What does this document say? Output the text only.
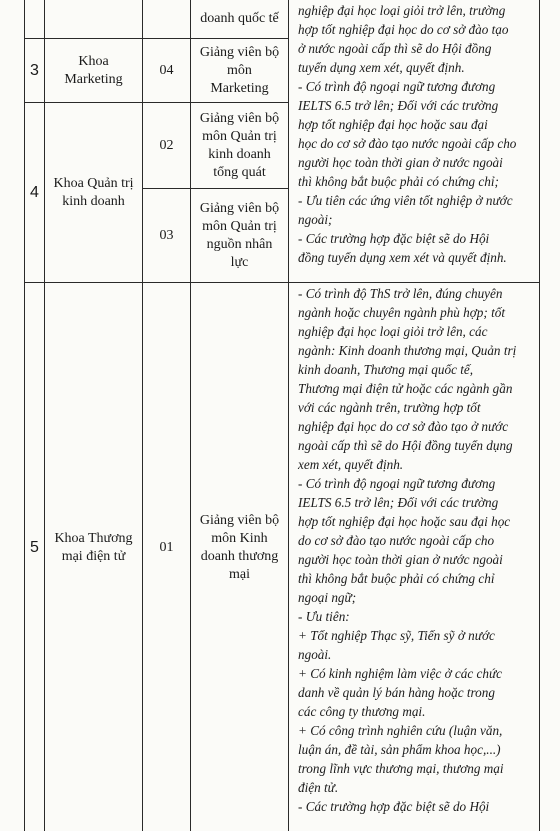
doanh quốc tế
3
Khoa
Marketing
04
Giảng viên bộ
môn
Marketing
4
Khoa Quản trị
kinh doanh
02
Giảng viên bộ
môn Quản trị
kinh doanh
tổng quát
03
Giảng viên bộ
môn Quản trị
nguồn nhân
lực
5
Khoa Thương
mại điện tử
01
Giảng viên bộ
môn Kinh
doanh thương
mại
nghiệp đại học loại giỏi trở lên, trường
hợp tốt nghiệp đại học do cơ sở đào tạo
ở nước ngoài cấp thì sẽ do Hội đồng
tuyển dụng xem xét, quyết định.
- Có trình độ ngoại ngữ tương đương
IELTS 6.5 trở lên; Đối với các trường
hợp tốt nghiệp đại học hoặc sau đại
học do cơ sở đào tạo nước ngoài cấp cho
người học toàn thời gian ở nước ngoài
thì không bắt buộc phải có chứng chỉ;
- Ưu tiên các ứng viên tốt nghiệp ở nước
ngoài;
- Các trường hợp đặc biệt sẽ do Hội
đồng tuyển dụng xem xét và quyết định.
- Có trình độ ThS trở lên, đúng chuyên
ngành hoặc chuyên ngành phù hợp; tốt
nghiệp đại học loại giỏi trở lên, các
ngành: Kinh doanh thương mại, Quản trị
kinh doanh, Thương mại quốc tế,
Thương mại điện tử hoặc các ngành gần
với các ngành trên, trường hợp tốt
nghiệp đại học do cơ sở đào tạo ở nước
ngoài cấp thì sẽ do Hội đồng tuyển dụng
xem xét, quyết định.
- Có trình độ ngoại ngữ tương đương
IELTS 6.5 trở lên; Đối với các trường
hợp tốt nghiệp đại học hoặc sau đại học
do cơ sở đào tạo nước ngoài cấp cho
người học toàn thời gian ở nước ngoài
thì không bắt buộc phải có chứng chỉ
ngoại ngữ;
- Ưu tiên:
+ Tốt nghiệp Thạc sỹ, Tiến sỹ ở nước
ngoài.
+ Có kinh nghiệm làm việc ở các chức
danh về quản lý bán hàng hoặc trong
các công ty thương mại.
+ Có công trình nghiên cứu (luận văn,
luận án, đề tài, sản phẩm khoa học,...)
trong lĩnh vực thương mại, thương mại
điện tử.
- Các trường hợp đặc biệt sẽ do Hội
